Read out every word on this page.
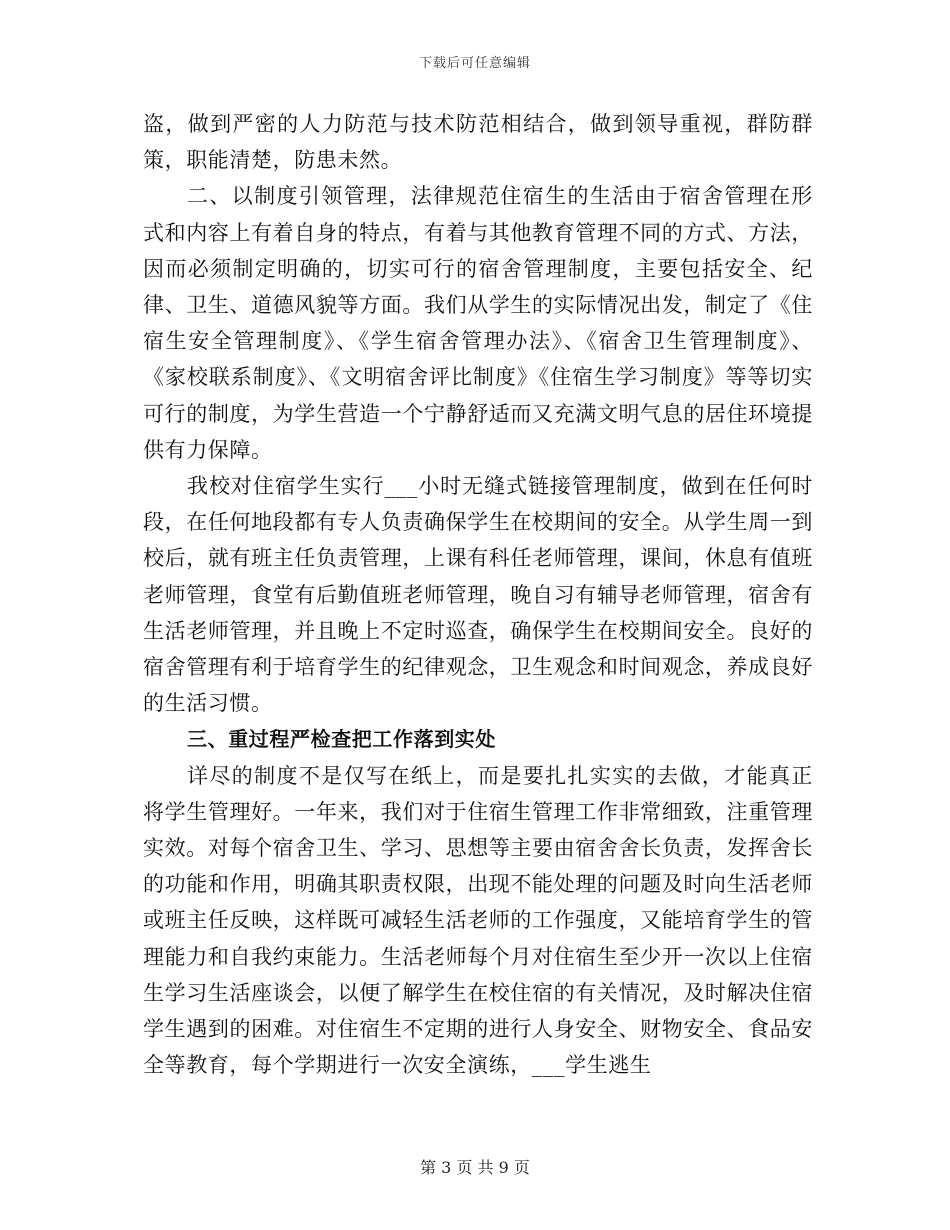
下载后可任意编辑

盗，做到严密的人力防范与技术防范相结合，做到领导重视，群防群策，职能清楚，防患未然。

二、以制度引领管理，法律规范住宿生的生活由于宿舍管理在形式和内容上有着自身的特点，有着与其他教育管理不同的方式、方法，因而必须制定明确的，切实可行的宿舍管理制度，主要包括安全、纪律、卫生、道德风貌等方面。我们从学生的实际情况出发，制定了《住宿生安全管理制度》、《学生宿舍管理办法》、《宿舍卫生管理制度》、《家校联系制度》、《文明宿舍评比制度》《住宿生学习制度》等等切实可行的制度，为学生营造一个宁静舒适而又充满文明气息的居住环境提供有力保障。

我校对住宿学生实行___小时无缝式链接管理制度，做到在任何时段，在任何地段都有专人负责确保学生在校期间的安全。从学生周一到校后，就有班主任负责管理，上课有科任老师管理，课间，休息有值班老师管理，食堂有后勤值班老师管理，晚自习有辅导老师管理，宿舍有生活老师管理，并且晚上不定时巡查，确保学生在校期间安全。良好的宿舍管理有利于培育学生的纪律观念，卫生观念和时间观念，养成良好的生活习惯。

三、重过程严检查把工作落到实处

详尽的制度不是仅写在纸上，而是要扎扎实实的去做，才能真正将学生管理好。一年来，我们对于住宿生管理工作非常细致，注重管理实效。对每个宿舍卫生、学习、思想等主要由宿舍舍长负责，发挥舍长的功能和作用，明确其职责权限，出现不能处理的问题及时向生活老师或班主任反映，这样既可减轻生活老师的工作强度，又能培育学生的管理能力和自我约束能力。生活老师每个月对住宿生至少开一次以上住宿生学习生活座谈会，以便了解学生在校住宿的有关情况，及时解决住宿学生遇到的困难。对住宿生不定期的进行人身安全、财物安全、食品安全等教育，每个学期进行一次安全演练，___学生逃生

第 3 页 共 9 页
